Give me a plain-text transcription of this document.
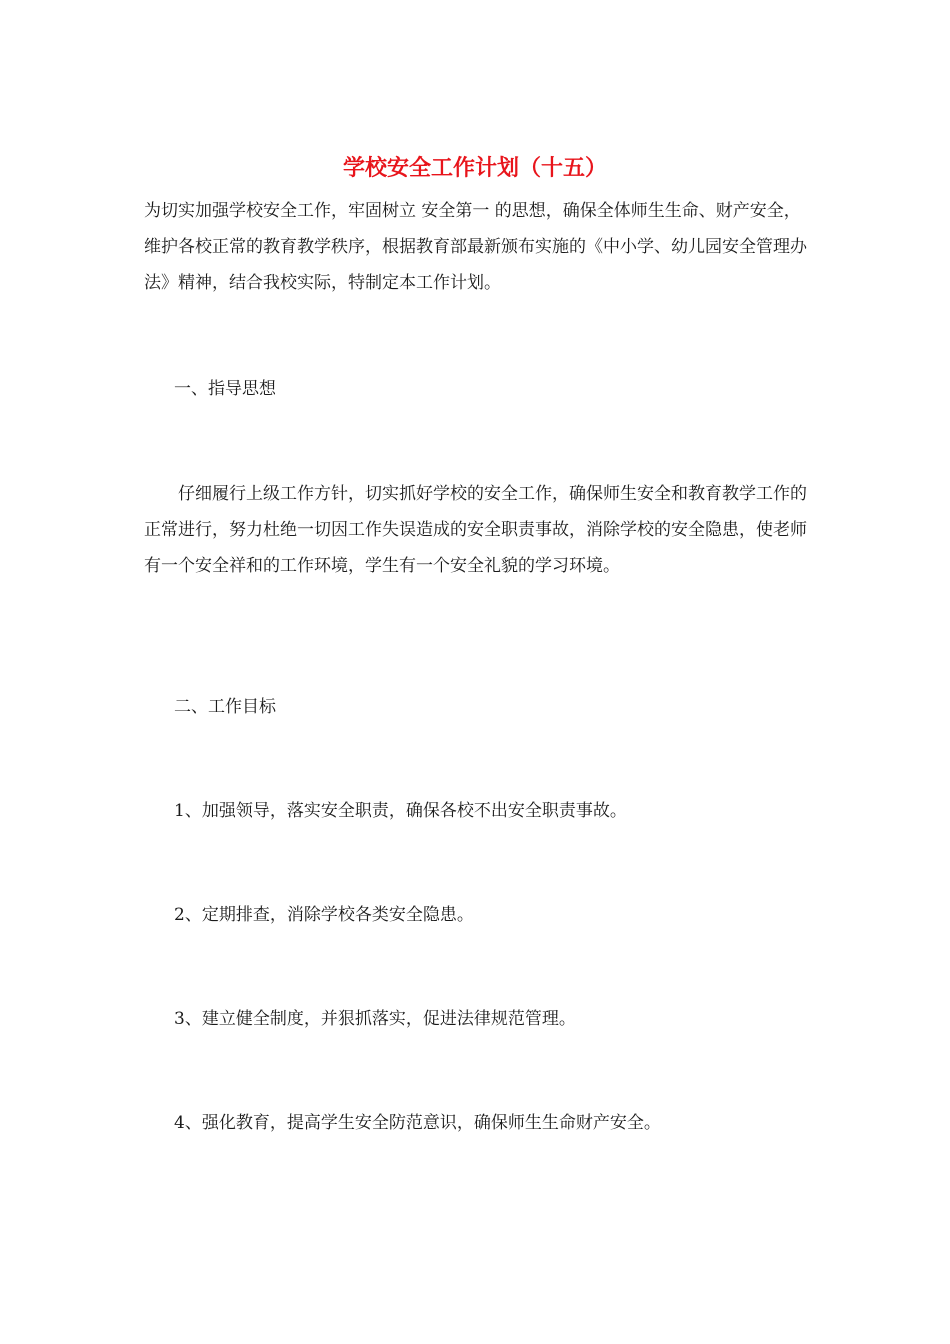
学校安全工作计划（十五）

为切实加强学校安全工作，牢固树立 安全第一 的思想，确保全体师生生命、财产安全，维护各校正常的教育教学秩序，根据教育部最新颁布实施的《中小学、幼儿园安全管理办法》精神，结合我校实际，特制定本工作计划。

一、指导思想

仔细履行上级工作方针，切实抓好学校的安全工作，确保师生安全和教育教学工作的正常进行，努力杜绝一切因工作失误造成的安全职责事故，消除学校的安全隐患，使老师有一个安全祥和的工作环境，学生有一个安全礼貌的学习环境。

二、工作目标
1、加强领导，落实安全职责，确保各校不出安全职责事故。
2、定期排查，消除学校各类安全隐患。
3、建立健全制度，并狠抓落实，促进法律规范管理。
4、强化教育，提高学生安全防范意识，确保师生生命财产安全。
